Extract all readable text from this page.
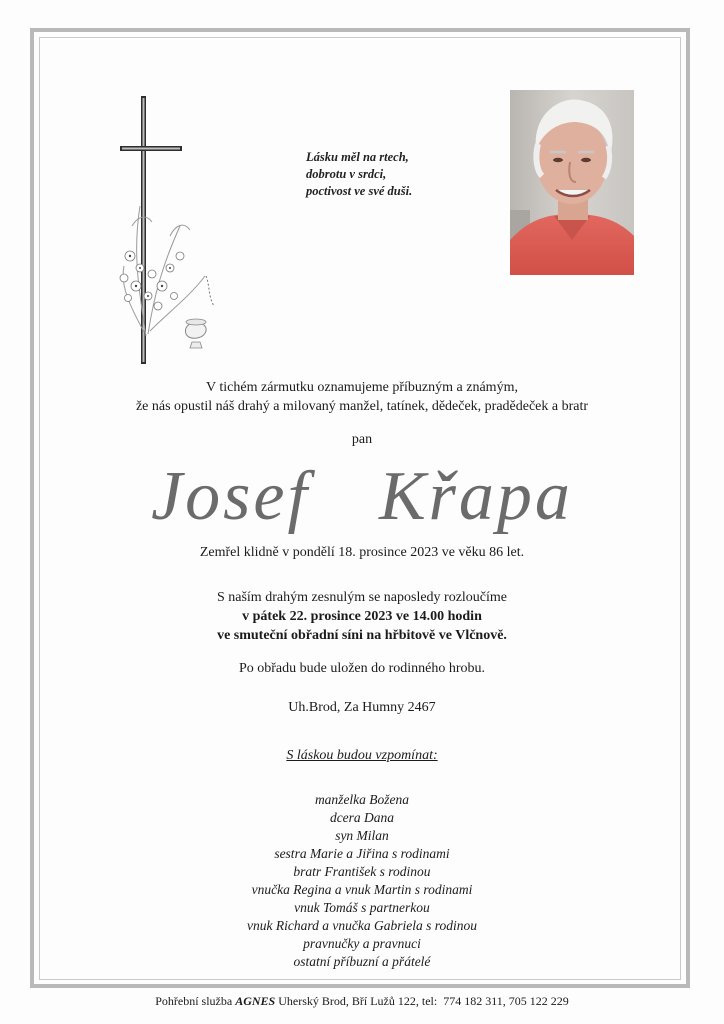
Lásku měl na rtech,
dobrotu v srdci,
poctivost ve své duši.
V tichém zármutku oznamujeme příbuzným a známým,
že nás opustil náš drahý a milovaný manžel, tatínek, dědeček, pradědeček a bratr
pan
Josef  Křapa
Zemřel klidně v pondělí 18. prosince 2023 ve věku 86 let.
S naším drahým zesnulým se naposledy rozloučíme
v pátek 22. prosince 2023 ve 14.00 hodin
ve smuteční obřadní síni na hřbitově ve Vlčnově.
Po obřadu bude uložen do rodinného hrobu.
Uh.Brod, Za Humny 2467
S láskou budou vzpomínat:
manželka Božena
dcera Dana
syn Milan
sestra Marie a Jiřina s rodinami
bratr František s rodinou
vnučka Regina a vnuk Martin s rodinami
vnuk Tomáš s partnerkou
vnuk Richard a vnučka Gabriela s rodinou
pravnučky a pravnuci
ostatní příbuzní a přátelé
Pohřební služba AGNES Uherský Brod, Bří Lužů 122, tel:  774 182 311, 705 122 229
